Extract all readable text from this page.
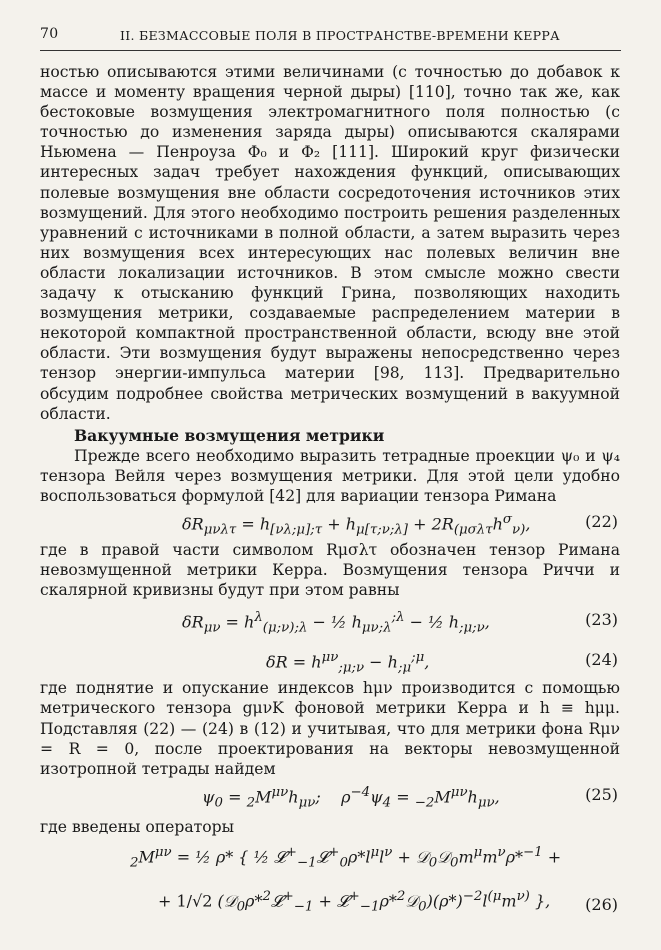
70	II. БЕЗМАССОВЫЕ ПОЛЯ В ПРОСТРАНСТВЕ-ВРЕМЕНИ КЕРРА

ностью описываются этими величинами (с точностью до добавок к массе и моменту вращения черной дыры) [110], точно так же, как бестоковые возмущения электромагнитного поля полностью (с точностью до изменения заряда дыры) описываются скалярами Ньюмена — Пенроуза Φ₀ и Φ₂ [111]. Широкий круг физически интересных задач требует нахождения функций, описывающих полевые возмущения вне области сосредоточения источников этих возмущений. Для этого необходимо построить решения разделенных уравнений с источниками в полной области, а затем выразить через них возмущения всех интересующих нас полевых величин вне области локализации источников. В этом смысле можно свести задачу к отысканию функций Грина, позволяющих находить возмущения метрики, создаваемые распределением материи в некоторой компактной пространственной области, всюду вне этой области. Эти возмущения будут выражены непосредственно через тензор энергии-импульса материи [98, 113]. Предварительно обсудим подробнее свойства метрических возмущений в вакуумной области.

Вакуумные возмущения метрики

Прежде всего необходимо выразить тетрадные проекции ψ₀ и ψ₄ тензора Вейля через возмущения метрики. Для этой цели удобно воспользоваться формулой [42] для вариации тензора Римана

$\delta R_{\mu\nu\lambda\tau} = h_{[\nu\lambda;\mu];\tau} + h_{\mu[\tau;\nu;\lambda]} + 2R_{(\mu\sigma\lambda\tau}h^\sigma_{\nu)}$,	(22)

где в правой части символом Rμσλτ обозначен тензор Римана невозмущенной метрики Керра. Возмущения тензора Риччи и скалярной кривизны будут при этом равны

$\delta R_{\mu\nu} = h^\lambda_{(\mu;\nu);\lambda}$ − ½ $h_{\mu\nu;\lambda}^{;\lambda}$ − ½ $h_{;\mu;\nu}$,	(23)
$\delta R = h^{\mu\nu}_{;\mu;\nu} - h_{;\mu}^{;\mu}$,	(24)

где поднятие и опускание индексов hμν производится с помощью метрического тензора gμνK фоновой метрики Керра и h ≡ hμμ. Подставляя (22) — (24) в (12) и учитывая, что для метрики фона Rμν = R = 0, после проектирования на векторы невозмущенной изотропной тетрады найдем

$\psi_0 = _2M^{\mu\nu}h_{\mu\nu}$;    $\rho^{-4}\psi_4 = _{-2}M^{\mu\nu}h_{\mu\nu}$,	(25)

где введены операторы

$_2M^{\mu\nu}$ = ½ ρ* { ½ $𝓛^+_{-1}𝓛^+_0\rho*l^\mu l^\nu$ + $𝒟_0𝒟_0m^\mu m^\nu\rho*^{-1}$ +
+ 1/√2 (𝒟$_0$ρ*$^2$𝓛+$_{-1}$ + $𝓛^+_{-1}\rho*^2𝒟_0)(\rho*)^{-2}l^{(\mu}m^{\nu)}$ }, (26)
